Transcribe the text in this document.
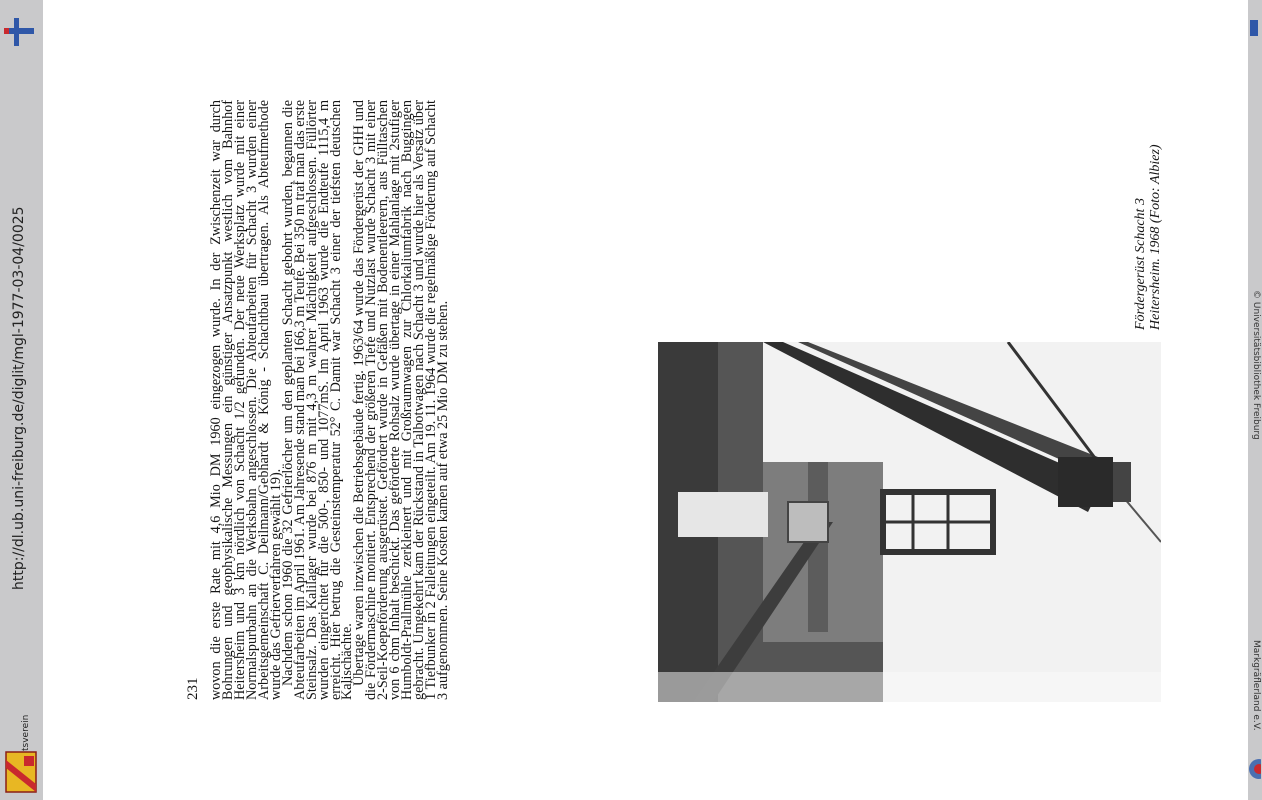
http://dl.ub.uni-freiburg.de/diglit/mgl-1977-03-04/0025	© Universitätsbibliothek Freiburg
Markgräflerland e.V.
Fördergerüst Schacht 3 Heitersheim. 1968 (Foto: Albiez)

wovon die erste Rate mit 4,6 Mio DM 1960 eingezogen wurde. In der Zwischenzeit war durch Bohrungen und geophysikalische Messungen ein günstiger Ansatzpunkt westlich vom Bahnhof Heitersheim und 3 km nördlich von Schacht 1/2 gefunden. Der neue Werksplatz wurde mit einer Normalspurbahn an die Werksbahn angeschlossen. Die Abteufarbeiten für Schacht 3 wurden einer Arbeitsgemeinschaft C. Deilmann/Gebhardt & König - Schachtbau übertragen. Als Abteufmethode wurde das Gefrierverfahren gewählt 19).

Nachdem schon 1960 die 32 Gefrierlöcher um den geplanten Schacht gebohrt wurden, begannen die Abteufarbeiten im April 1961. Am Jahresende stand man bei 166,3 m Teufe. Bei 350 m traf man das erste Steinsalz. Das Kalilager wurde bei 876 m mit 4,3 m wahrer Mächtigkeit aufgeschlossen. Füllörter wurden eingerichtet für die 500-, 850- und 1077mS. Im April 1963 wurde die Endteufe 1115,4 m erreicht. Hier betrug die Gesteinstemperatur 52° C. Damit war Schacht 3 einer der tiefsten deutschen Kalischächte.

Übertage waren inzwischen die Betriebsgebäude fertig. 1963/64 wurde das Fördergerüst der GHH und die Fördermaschine montiert. Entsprechend der größeren Tiefe und Nutzlast wurde Schacht 3 mit einer 2-Seil-Koepeförderung ausgerüstet. Gefördert wurde in Gefäßen mit Bodenentleerern, aus Fülltaschen von 6 cbm Inhalt beschickt. Das geförderte Rohsalz wurde übertage in einer Mahlanlage mit 2stufiger Humboldt-Prallmühle zerkleinert und mit Großraumwagen zur Chlorkaliumfabrik nach Buggingen gebracht. Umgekehrt kam der Rückstand in Talbotwagen nach Schacht 3 und wurde hier als Versatz über 1 Tiefbunker in 2 Falleitungen eingeteilt. Am 19. 11. 1964 wurde die regelmäßige Förderung auf Schacht 3 aufgenommen. Seine Kosten kamen auf etwa 25 Mio DM zu stehen.

231
